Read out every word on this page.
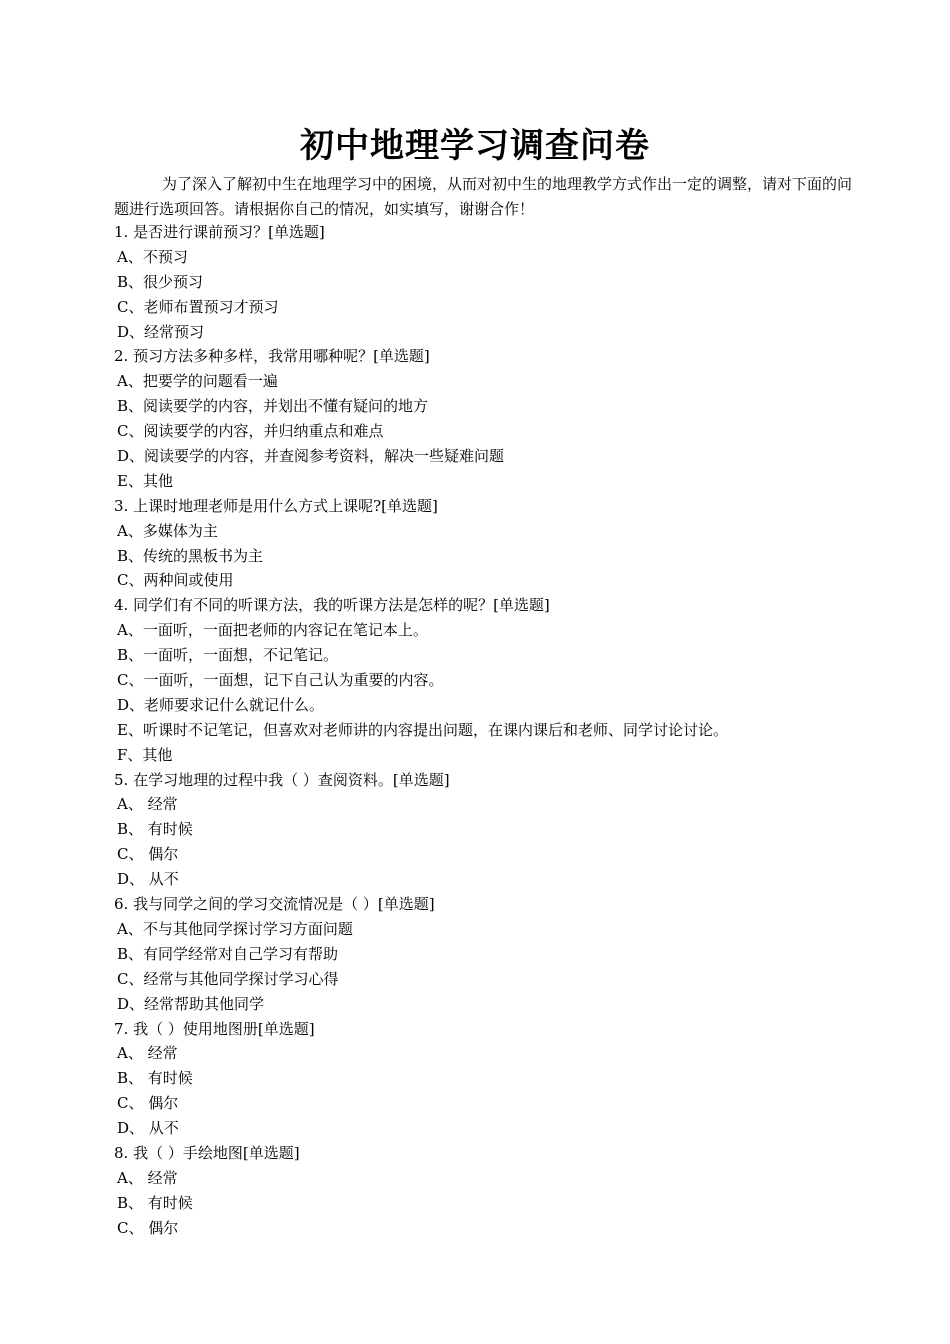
初中地理学习调查问卷

为了深入了解初中生在地理学习中的困境，从而对初中生的地理教学方式作出一定的调整，请对下面的问题进行选项回答。请根据你自己的情况，如实填写，谢谢合作！

1. 是否进行课前预习？[单选题]
A、不预习
B、很少预习
C、老师布置预习才预习
D、经常预习
2. 预习方法多种多样，我常用哪种呢？[单选题]
A、把要学的问题看一遍
B、阅读要学的内容，并划出不懂有疑问的地方
C、阅读要学的内容，并归纳重点和难点
D、阅读要学的内容，并查阅参考资料，解决一些疑难问题
E、其他
3. 上课时地理老师是用什么方式上课呢?[单选题]
A、多媒体为主
B、传统的黑板书为主
C、两种间或使用
4. 同学们有不同的听课方法，我的听课方法是怎样的呢？[单选题]
A、一面听，一面把老师的内容记在笔记本上。
B、一面听，一面想，不记笔记。
C、一面听，一面想，记下自己认为重要的内容。
D、老师要求记什么就记什么。
E、听课时不记笔记，但喜欢对老师讲的内容提出问题，在课内课后和老师、同学讨论讨论。
F、其他
5. 在学习地理的过程中我（ ）查阅资料。[单选题]
A、 经常
B、 有时候
C、 偶尔
D、 从不
6. 我与同学之间的学习交流情况是（ ）[单选题]
A、不与其他同学探讨学习方面问题
B、有同学经常对自己学习有帮助
C、经常与其他同学探讨学习心得
D、经常帮助其他同学
7. 我（ ）使用地图册[单选题]
A、 经常
B、 有时候
C、 偶尔
D、 从不
8. 我（ ）手绘地图[单选题]
A、 经常
B、 有时候
C、 偶尔
